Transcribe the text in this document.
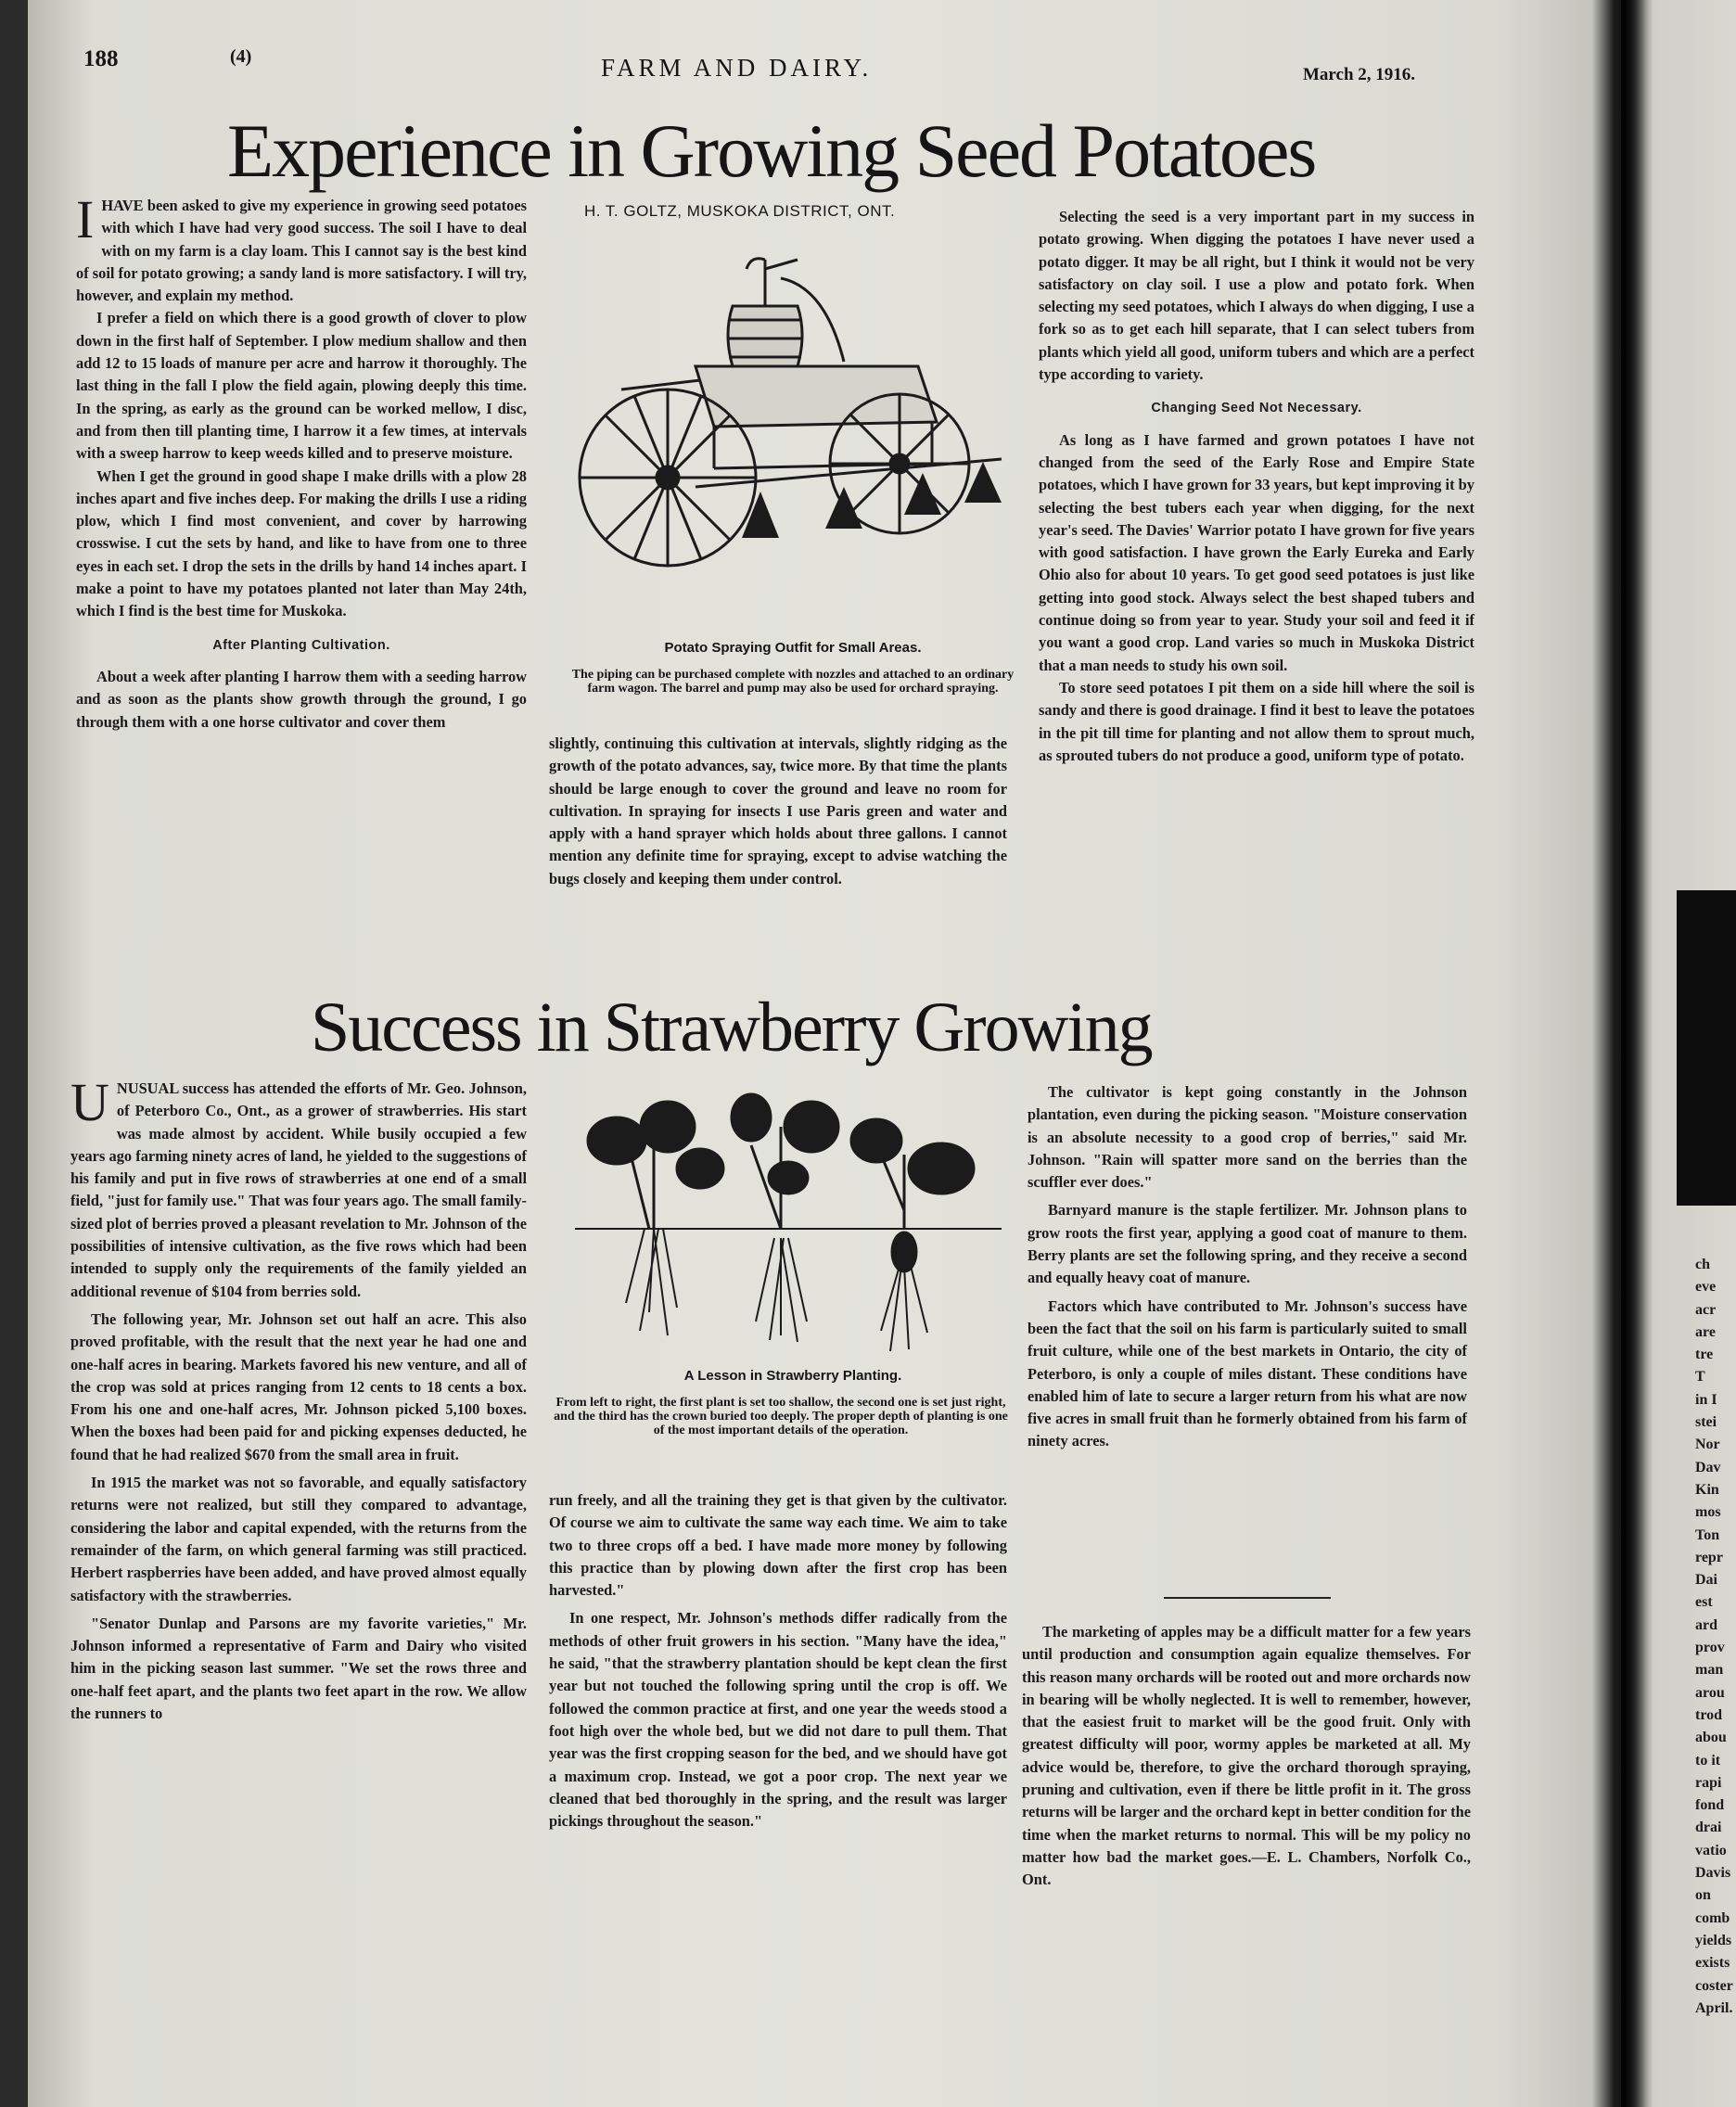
188	(4)	FARM AND DAIRY.	March 2, 1916.
Experience in Growing Seed Potatoes

IHAVE been asked to give my experience in growing seed potatoes with which I have had very good success. The soil I have to deal with on my farm is a clay loam. This I cannot say is the best kind of soil for potato growing; a sandy land is more satisfactory. I will try, however, and explain my method.

I prefer a field on which there is a good growth of clover to plow down in the first half of September. I plow medium shallow and then add 12 to 15 loads of manure per acre and harrow it thoroughly. The last thing in the fall I plow the field again, plowing deeply this time. In the spring, as early as the ground can be worked mellow, I disc, and from then till planting time, I harrow it a few times, at intervals with a sweep harrow to keep weeds killed and to preserve moisture.

When I get the ground in good shape I make drills with a plow 28 inches apart and five inches deep. For making the drills I use a riding plow, which I find most convenient, and cover by harrowing crosswise. I cut the sets by hand, and like to have from one to three eyes in each set. I drop the sets in the drills by hand 14 inches apart. I make a point to have my potatoes planted not later than May 24th, which I find is the best time for Muskoka.

After Planting Cultivation.

About a week after planting I harrow them with a seeding harrow and as soon as the plants show growth through the ground, I go through them with a one horse cultivator and cover them

H. T. GOLTZ, MUSKOKA DISTRICT, ONT.
Potato Spraying Outfit for Small Areas.
The piping can be purchased complete with nozzles and attached to an ordinary farm wagon. The barrel and pump may also be used for orchard spraying.

slightly, continuing this cultivation at intervals, slightly ridging as the growth of the potato advances, say, twice more. By that time the plants should be large enough to cover the ground and leave no room for cultivation. In spraying for insects I use Paris green and water and apply with a hand sprayer which holds about three gallons. I cannot mention any definite time for spraying, except to advise watching the bugs closely and keeping them under control.

Selecting the seed is a very important part in my success in potato growing. When digging the potatoes I have never used a potato digger. It may be all right, but I think it would not be very satisfactory on clay soil. I use a plow and potato fork. When selecting my seed potatoes, which I always do when digging, I use a fork so as to get each hill separate, that I can select tubers from plants which yield all good, uniform tubers and which are a perfect type according to variety.

Changing Seed Not Necessary.

As long as I have farmed and grown potatoes I have not changed from the seed of the Early Rose and Empire State potatoes, which I have grown for 33 years, but kept improving it by selecting the best tubers each year when digging, for the next year's seed. The Davies' Warrior potato I have grown for five years with good satisfaction. I have grown the Early Eureka and Early Ohio also for about 10 years. To get good seed potatoes is just like getting into good stock. Always select the best shaped tubers and continue doing so from year to year. Study your soil and feed it if you want a good crop. Land varies so much in Muskoka District that a man needs to study his own soil.

To store seed potatoes I pit them on a side hill where the soil is sandy and there is good drainage. I find it best to leave the potatoes in the pit till time for planting and not allow them to sprout much, as sprouted tubers do not produce a good, uniform type of potato.

Success in Strawberry Growing

UNUSUAL success has attended the efforts of Mr. Geo. Johnson, of Peterboro Co., Ont., as a grower of strawberries. His start was made almost by accident. While busily occupied a few years ago farming ninety acres of land, he yielded to the suggestions of his family and put in five rows of strawberries at one end of a small field, "just for family use." That was four years ago. The small family-sized plot of berries proved a pleasant revelation to Mr. Johnson of the possibilities of intensive cultivation, as the five rows which had been intended to supply only the requirements of the family yielded an additional revenue of $104 from berries sold.

The following year, Mr. Johnson set out half an acre. This also proved profitable, with the result that the next year he had one and one-half acres in bearing. Markets favored his new venture, and all of the crop was sold at prices ranging from 12 cents to 18 cents a box. From his one and one-half acres, Mr. Johnson picked 5,100 boxes. When the boxes had been paid for and picking expenses deducted, he found that he had realized $670 from the small area in fruit.

In 1915 the market was not so favorable, and equally satisfactory returns were not realized, but still they compared to advantage, considering the labor and capital expended, with the returns from the remainder of the farm, on which general farming was still practiced. Herbert raspberries have been added, and have proved almost equally satisfactory with the strawberries.

"Senator Dunlap and Parsons are my favorite varieties," Mr. Johnson informed a representative of Farm and Dairy who visited him in the picking season last summer. "We set the rows three and one-half feet apart, and the plants two feet apart in the row. We allow the runners to

A Lesson in Strawberry Planting.
From left to right, the first plant is set too shallow, the second one is set just right, and the third has the crown buried too deeply. The proper depth of planting is one of the most important details of the operation.

run freely, and all the training they get is that given by the cultivator. Of course we aim to cultivate the same way each time. We aim to take two to three crops off a bed. I have made more money by following this practice than by plowing down after the first crop has been harvested."

In one respect, Mr. Johnson's methods differ radically from the methods of other fruit growers in his section. "Many have the idea," he said, "that the strawberry plantation should be kept clean the first year but not touched the following spring until the crop is off. We followed the common practice at first, and one year the weeds stood a foot high over the whole bed, but we did not dare to pull them. That year was the first cropping season for the bed, and we should have got a maximum crop. Instead, we got a poor crop. The next year we cleaned that bed thoroughly in the spring, and the result was larger pickings throughout the season."

The cultivator is kept going constantly in the Johnson plantation, even during the picking season. "Moisture conservation is an absolute necessity to a good crop of berries," said Mr. Johnson. "Rain will spatter more sand on the berries than the scuffler ever does."

Barnyard manure is the staple fertilizer. Mr. Johnson plans to grow roots the first year, applying a good coat of manure to them. Berry plants are set the following spring, and they receive a second and equally heavy coat of manure.

Factors which have contributed to Mr. Johnson's success have been the fact that the soil on his farm is particularly suited to small fruit culture, while one of the best markets in Ontario, the city of Peterboro, is only a couple of miles distant. These conditions have enabled him of late to secure a larger return from his what are now five acres in small fruit than he formerly obtained from his farm of ninety acres.

The marketing of apples may be a difficult matter for a few years until production and consumption again equalize themselves. For this reason many orchards will be rooted out and more orchards now in bearing will be wholly neglected. It is well to remember, however, that the easiest fruit to market will be the good fruit. Only with greatest difficulty will poor, wormy apples be marketed at all. My advice would be, therefore, to give the orchard thorough spraying, pruning and cultivation, even if there be little profit in it. The gross returns will be larger and the orchard kept in better condition for the time when the market returns to normal. This will be my policy no matter how bad the market goes.—E. L. Chambers, Norfolk Co., Ont.

ch
eve
acr
are
tre
T
in I
stei
Nor
Dav
Kin
mos
Ton
repr
Dai
est
ard
prov
man
arou
trod
abou
to it
rapi
fond
drai
vatio
Davis
on
comb
yields
exists
coster
April.
